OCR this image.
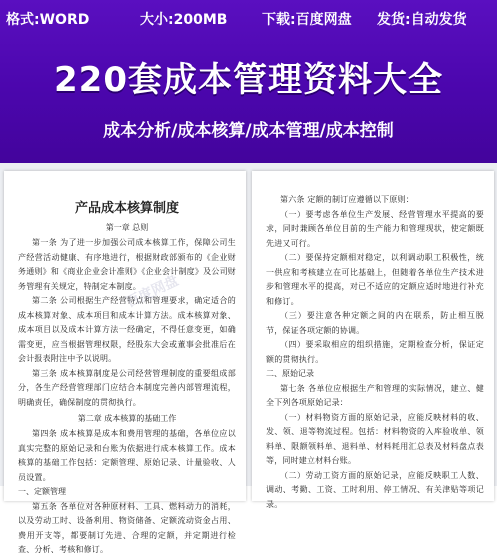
格式:WORD	大小:200MB 下载:百度网盘 发货:自动发货
220套成本管理资料大全
成本分析/成本核算/成本管理/成本控制

产品成本核算制度

第一章 总则

第一条 为了进一步加强公司成本核算工作，保障公司生产经营活动健康、有序地进行，根据财政部颁布的《企业财务通则》和《商业企业会计准则》《企业会计制度》及公司财务管理有关规定，特制定本制度。

第二条 公司根据生产经营特点和管理要求，确定适合的成本核算对象、成本项目和成本计算方法。成本核算对象、成本项目以及成本计算方法一经确定，不得任意变更，如确需变更，应当根据管理权限，经股东大会或董事会批准后在会计报表附注中予以说明。

第三条 成本核算制度是公司经营管理制度的重要组成部分，各生产经营管理部门应结合本制度完善内部管理流程，明确责任，确保制度的贯彻执行。

第二章 成本核算的基础工作

第四条 成本核算是成本和费用管理的基础，各单位应以真实完整的原始记录和台账为依据进行成本核算工作。成本核算的基础工作包括：定额管理、原始记录、计量验收、人员设置。

一、定额管理

第五条 各单位对各种原材料、工具、燃料动力的消耗，以及劳动工时、设备利用、物资储备、定额流动资金占用、费用开支等，都要制订先进、合理的定额，并定期进行检查、分析、考核和修订。

百度网盘

第六条 定额的制订应遵循以下原则：

（一）要考虑各单位生产发展、经营管理水平提高的要求，同时兼顾各单位目前的生产能力和管理现状，使定额既先进又可行。

（二）要保持定额相对稳定，以利调动职工积极性，统一供应和考核建立在可比基础上，但随着各单位生产技术进步和管理水平的提高，对已不适应的定额应适时地进行补充和修订。

（三）要注意各种定额之间的内在联系，防止相互脱节，保证各项定额的协调。

（四）要采取相应的组织措施，定期检查分析，保证定额的贯彻执行。

二、原始记录

第七条 各单位应根据生产和管理的实际情况，建立、健全下列各项原始记录：

（一）材料物资方面的原始记录，应能反映材料的收、发、领、退等物流过程。包括：材料物资的入库验收单、领料单、限额领料单、退料单、材料耗用汇总表及材料盘点表等，同时建立材料台账。

（二）劳动工资方面的原始记录，应能反映职工人数、调动、考勤、工资、工时利用、停工情况、有关津贴等项记录。
